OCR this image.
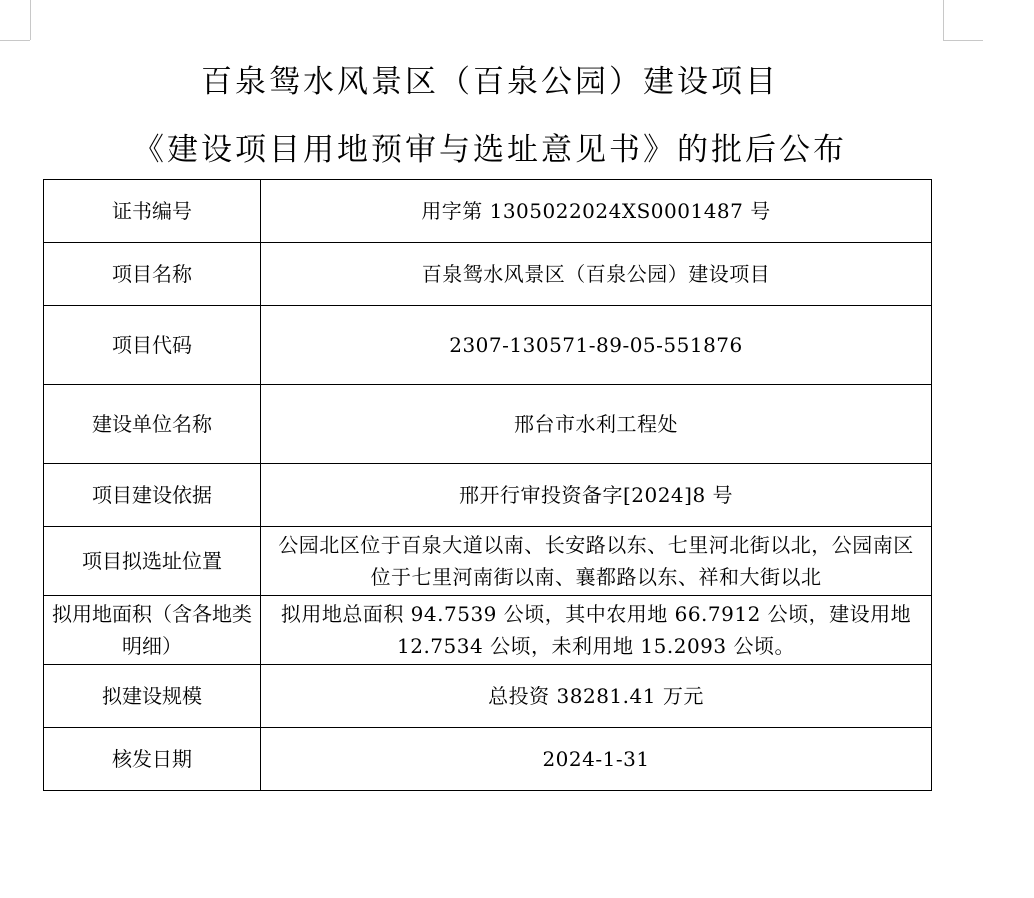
百泉鸳水风景区（百泉公园）建设项目
《建设项目用地预审与选址意见书》的批后公布
证书编号	用字第 1305022024XS0001487 号
项目名称	百泉鸳水风景区（百泉公园）建设项目
项目代码	2307-130571-89-05-551876
建设单位名称	邢台市水利工程处
项目建设依据	邢开行审投资备字[2024]8 号
项目拟选址位置	公园北区位于百泉大道以南、长安路以东、七里河北街以北，公园南区位于七里河南街以南、襄都路以东、祥和大街以北
拟用地面积（含各地类明细）	拟用地总面积 94.7539 公顷，其中农用地 66.7912 公顷，建设用地 12.7534 公顷，未利用地 15.2093 公顷。
拟建设规模	总投资 38281.41 万元
核发日期	2024-1-31
